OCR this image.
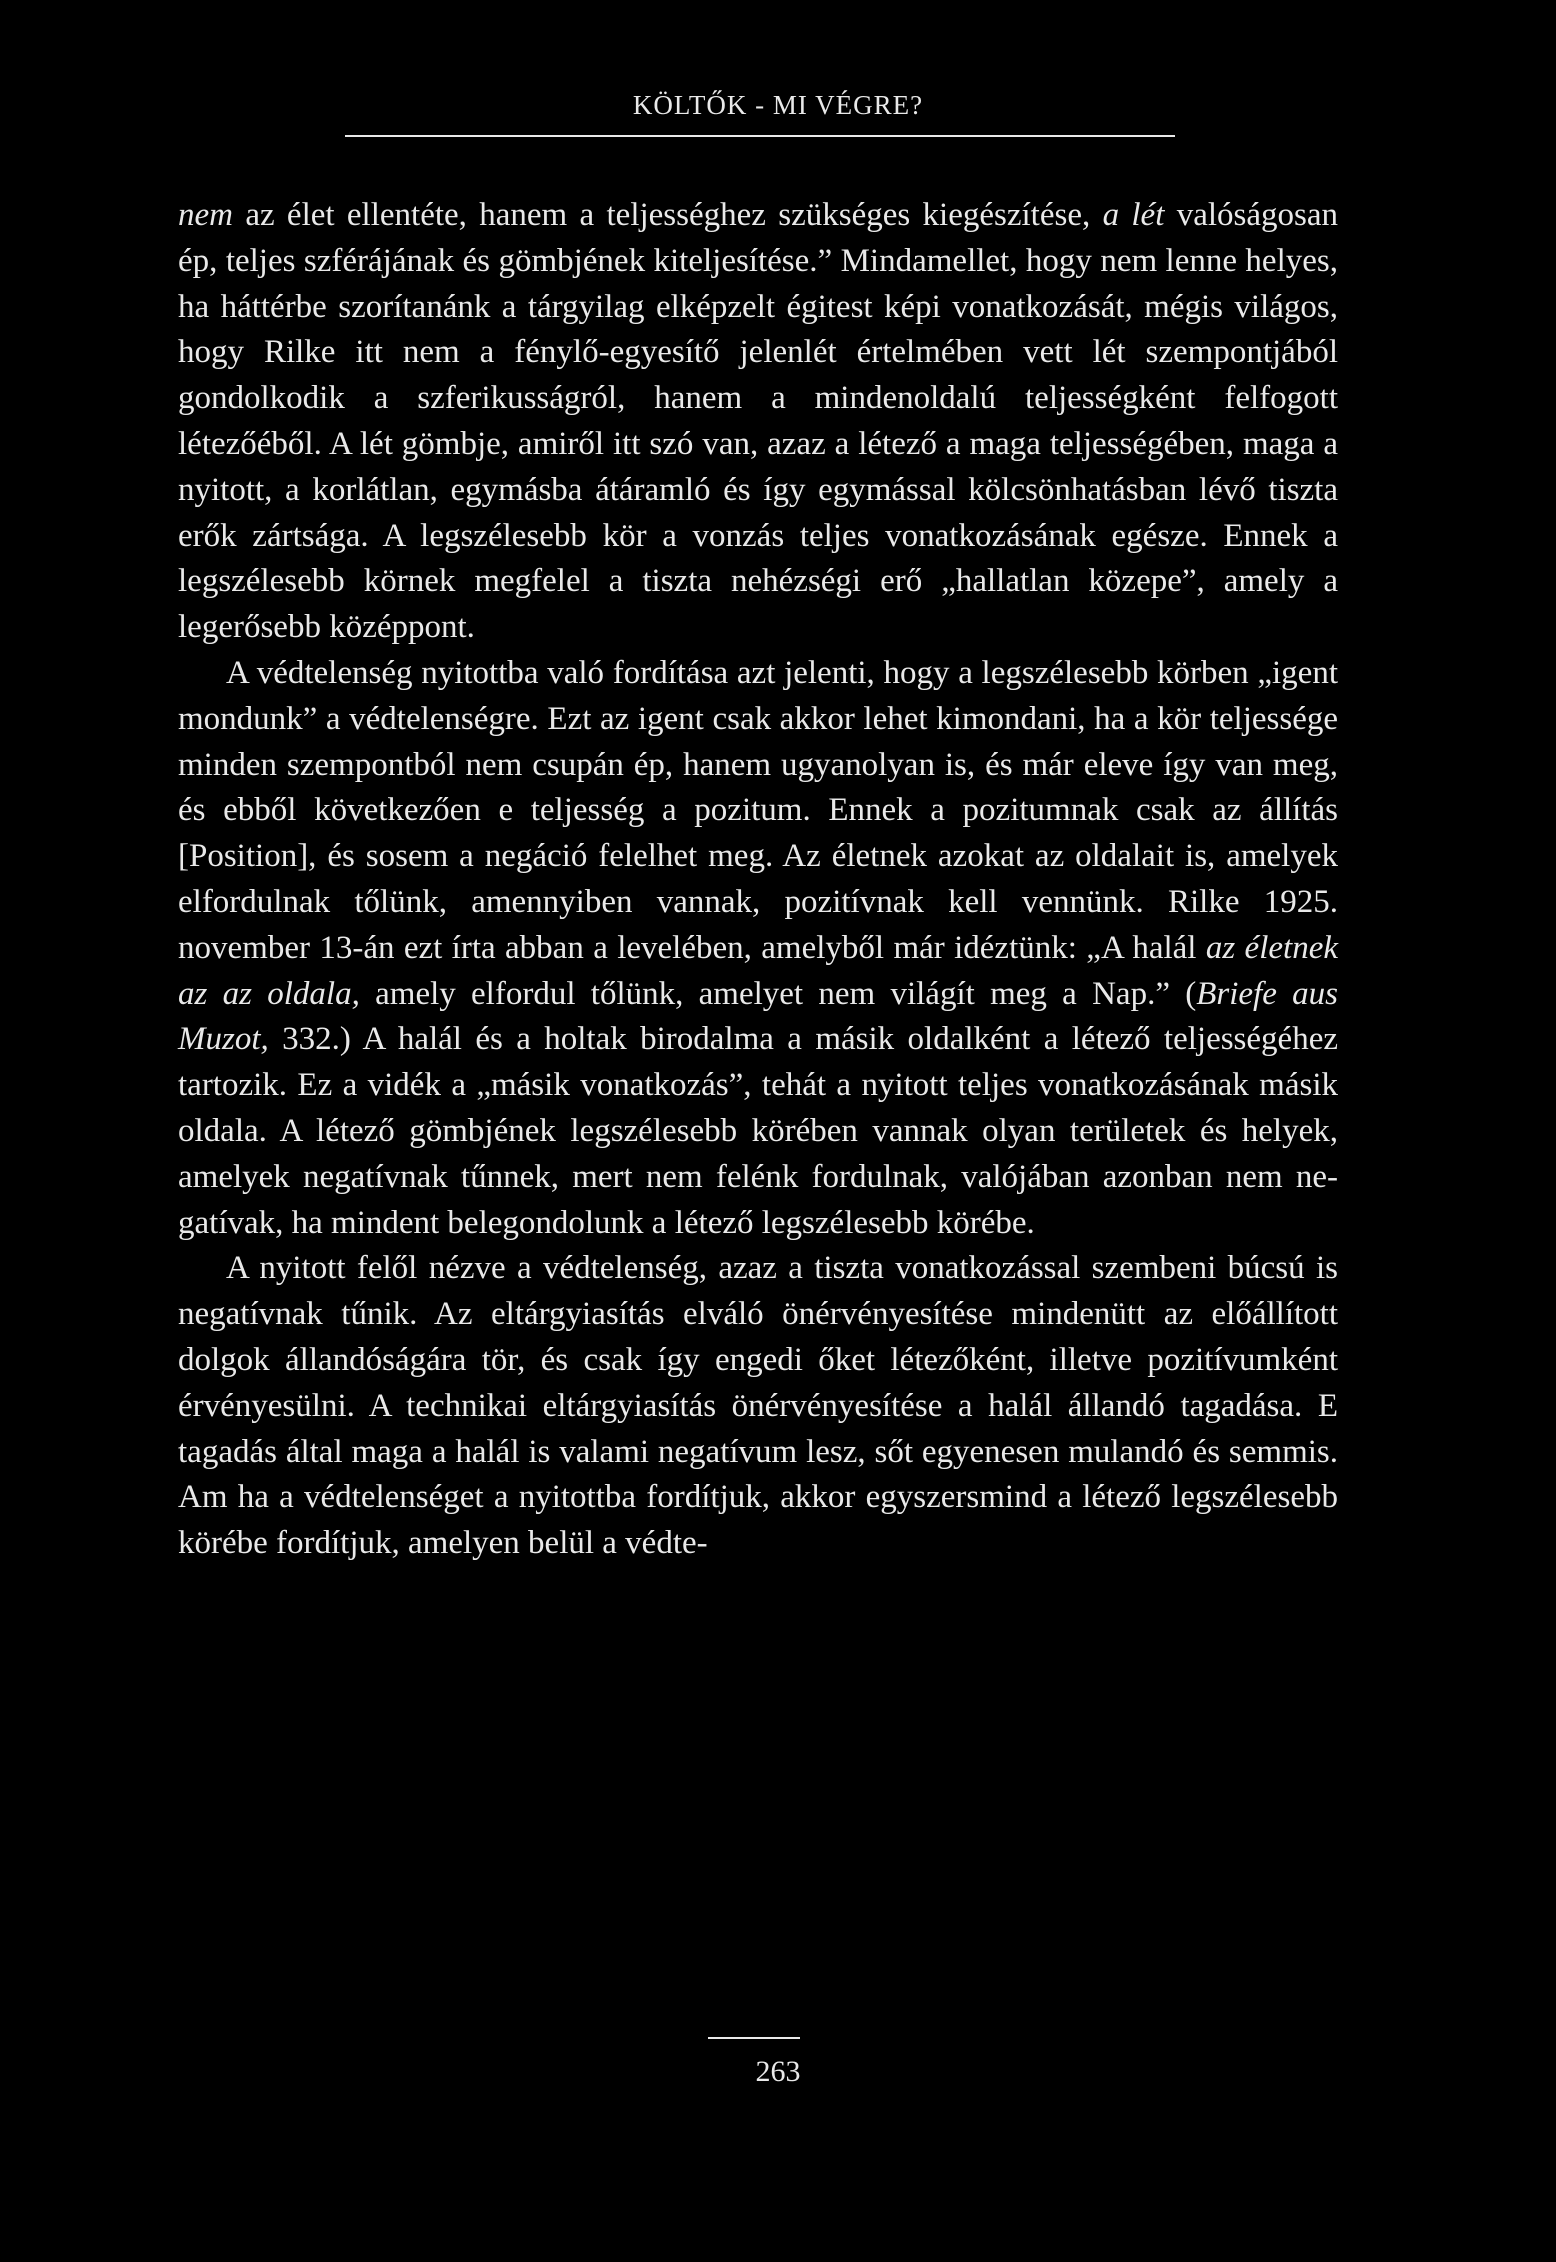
KÖLTŐK - MI VÉGRE?

nem az élet ellentéte, hanem a teljességhez szükséges kiegészítése, a lét valóságosan ép, teljes szférájának és gömbjének kiteljesítése.” Mindamellet, hogy nem lenne helyes, ha háttérbe szorítanánk a tárgyilag elképzelt égitest képi vonatkozását, mégis világos, hogy Rilke itt nem a fénylő-egyesítő jelenlét értelmében vett lét szempontjából gondolkodik a szferikusságról, hanem a mindenoldalú teljességként felfogott létezőéből. A lét gömbje, amiről itt szó van, azaz a létező a maga teljességében, maga a nyitott, a korlátlan, egymásba átáramló és így egymással kölcsönhatásban lévő tiszta erők zártsága. A legszélesebb kör a vonzás teljes vonatkozásának egésze. Ennek a legszélesebb körnek megfelel a tiszta nehézségi erő „hallatlan közepe”, amely a legerősebb középpont.

A védtelenség nyitottba való fordítása azt jelenti, hogy a legszélesebb körben „igent mondunk” a védtelenségre. Ezt az igent csak akkor lehet kimondani, ha a kör teljessége minden szempontból nem csupán ép, hanem ugyanolyan is, és már eleve így van meg, és ebből következően e teljesség a pozitum. Ennek a pozitumnak csak az állítás [Position], és sosem a negáció felelhet meg. Az életnek azokat az oldalait is, amelyek elfordulnak tőlünk, amennyiben vannak, pozitívnak kell vennünk. Rilke 1925. november 13-án ezt írta abban a levelében, amelyből már idéztünk: „A halál az életnek az az oldala, amely elfordul tőlünk, amelyet nem világít meg a Nap.” (Briefe aus Muzot, 332.) A halál és a holtak birodalma a másik oldalként a létező teljességéhez tartozik. Ez a vidék a „másik vonatkozás”, tehát a nyitott teljes vonatkozásának másik oldala. A létező gömbjének legszélesebb körében vannak olyan területek és helyek, amelyek negatívnak tűnnek, mert nem felénk fordulnak, valójában azonban nem negatívak, ha mindent belegondolunk a létező legszélesebb körébe.

A nyitott felől nézve a védtelenség, azaz a tiszta vonatkozással szembeni búcsú is negatívnak tűnik. Az eltárgyiasítás elváló önérvényesítése mindenütt az előállított dolgok állandóságára tör, és csak így engedi őket létezőként, illetve pozitívumként érvényesülni. A technikai eltárgyiasítás önérvényesítése a halál állandó tagadása. E tagadás által maga a halál is valami negatívum lesz, sőt egyenesen mulandó és semmis. Am ha a védtelenséget a nyitottba fordítjuk, akkor egyszersmind a létező legszélesebb körébe fordítjuk, amelyen belül a védte-

263
